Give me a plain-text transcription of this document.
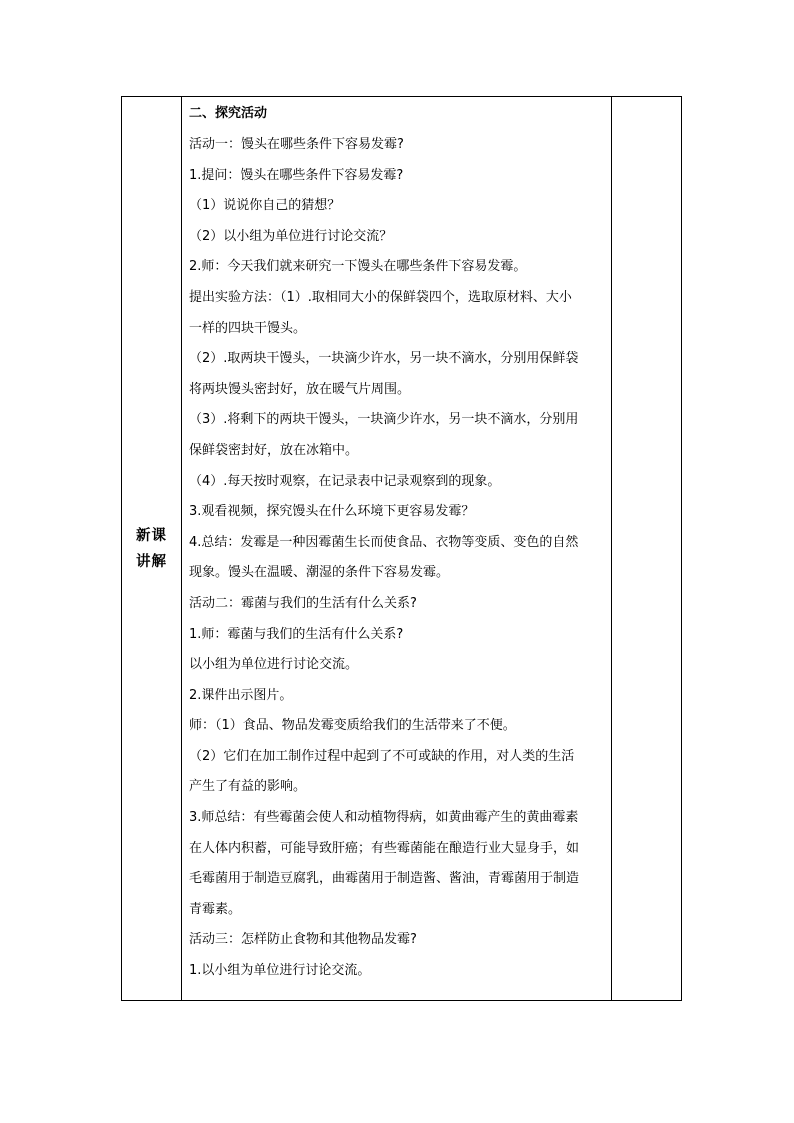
新课讲解	

二、探究活动

活动一：馒头在哪些条件下容易发霉?

1.提问：馒头在哪些条件下容易发霉?

（1）说说你自己的猜想？

（2）以小组为单位进行讨论交流？

2.师：今天我们就来研究一下馒头在哪些条件下容易发霉。

提出实验方法：（1）.取相同大小的保鲜袋四个，选取原材料、大小

一样的四块干馒头。

（2）.取两块干馒头，一块滴少许水，另一块不滴水，分别用保鲜袋

将两块馒头密封好，放在暖气片周围。

（3）.将剩下的两块干馒头，一块滴少许水，另一块不滴水，分别用

保鲜袋密封好，放在冰箱中。

（4）.每天按时观察，在记录表中记录观察到的现象。

3.观看视频，探究馒头在什么环境下更容易发霉？

4.总结：发霉是一种因霉菌生长而使食品、衣物等变质、变色的自然

现象。馒头在温暖、潮湿的条件下容易发霉。

活动二：霉菌与我们的生活有什么关系?

1.师：霉菌与我们的生活有什么关系?

以小组为单位进行讨论交流。

2.课件出示图片。

师：（1）食品、物品发霉变质给我们的生活带来了不便。

（2）它们在加工制作过程中起到了不可或缺的作用，对人类的生活

产生了有益的影响。

3.师总结：有些霉菌会使人和动植物得病，如黄曲霉产生的黄曲霉素

在人体内积蓄，可能导致肝癌；有些霉菌能在酿造行业大显身手，如

毛霉菌用于制造豆腐乳，曲霉菌用于制造酱、酱油，青霉菌用于制造

青霉素。

活动三：怎样防止食物和其他物品发霉?

1.以小组为单位进行讨论交流。
